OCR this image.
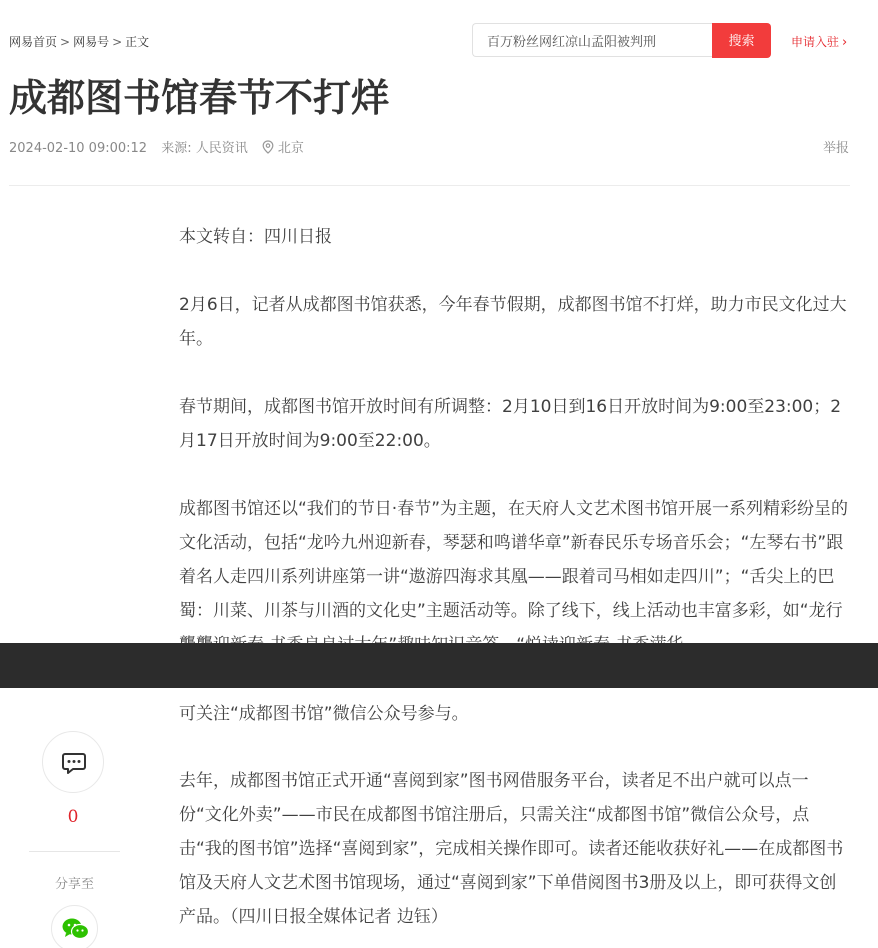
网易首页 > 网易号 > 正文
百万粉丝网红凉山孟阳被判刑	搜索	申请入驻 ›
成都图书馆春节不打烊
2024-02-10 09:00:12 来源: 人民资讯 北京	举报

本文转自：四川日报

2月6日，记者从成都图书馆获悉，今年春节假期，成都图书馆不打烊，助力市民文化过大年。

春节期间，成都图书馆开放时间有所调整：2月10日到16日开放时间为9:00至23:00；2月17日开放时间为9:00至22:00。

成都图书馆还以“我们的节日·春节”为主题，在天府人文艺术图书馆开展一系列精彩纷呈的文化活动，包括“龙吟九州迎新春，琴瑟和鸣谱华章”新春民乐专场音乐会；“左琴右书”跟着名人走四川系列讲座第一讲“遨游四海求其凰——跟着司马相如走四川”；“舌尖上的巴蜀：川菜、川茶与川酒的文化史”主题活动等。除了线下，线上活动也丰富多彩，如“龙行

可关注“成都图书馆”微信公众号参与。

去年，成都图书馆正式开通“喜阅到家”图书网借服务平台，读者足不出户就可以点一份“文化外卖”——市民在成都图书馆注册后，只需关注“成都图书馆”微信公众号，点击“我的图书馆”选择“喜阅到家”，完成相关操作即可。读者还能收获好礼——在成都图书馆及天府人文艺术图书馆现场，通过“喜阅到家”下单借阅图书3册及以上，即可获得文创产品。（四川日报全媒体记者 边钰）

0
分享至
